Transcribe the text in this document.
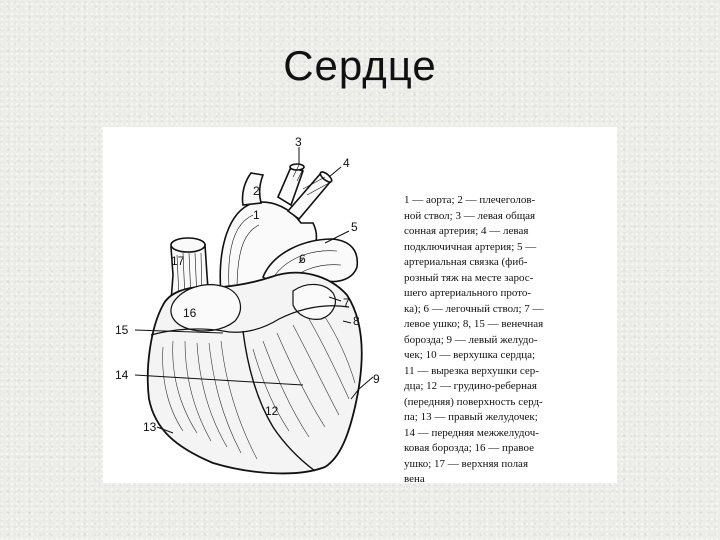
Сердце
3
4
2
1
5
6
17
16
7
8
15
14	9
12
13
1 — аорта; 2 — плечеголов-
ной ствол; 3 — левая общая
сонная артерия; 4 — левая
подключичная артерия; 5 —
артериальная связка (фиб-
розный тяж на месте зарос-
шего артериального прото-
ка); 6 — легочный ствол; 7 —
левое ушко; 8, 15 — венечная
борозда; 9 — левый желудо-
чек; 10 — верхушка сердца;
11 — вырезка верхушки сер-
дца; 12 — грудино-реберная
(передняя) поверхность серд-
па; 13 — правый желудочек;
14 — передняя межжелудоч-
ковая борозда; 16 — правое
ушко; 17 — верхняя полая
вена
